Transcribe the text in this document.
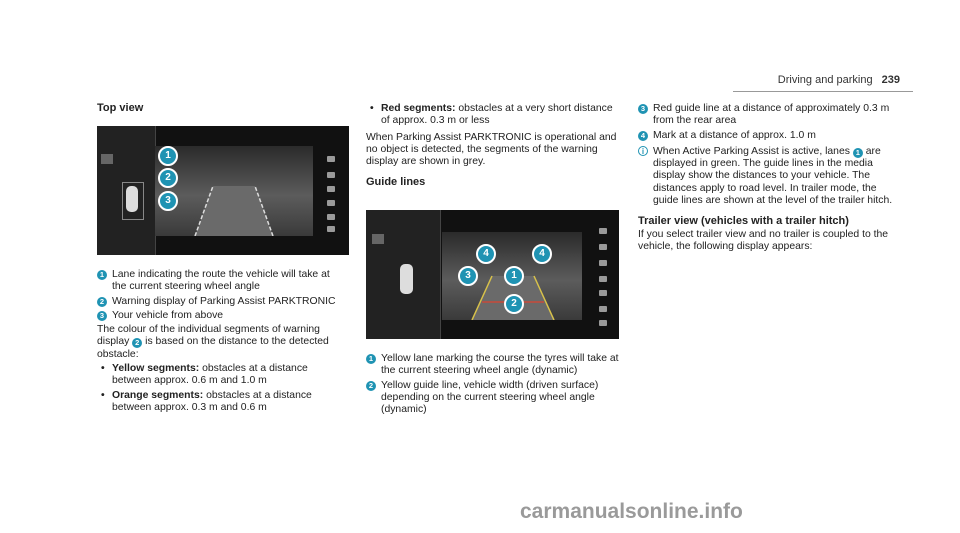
Driving and parking 239
Top view
1
2
3
1 Lane indicating the route the vehicle will take at the current steering wheel angle
2 Warning display of Parking Assist PARKTRONIC
3 Your vehicle from above
The colour of the individual segments of warning display 2 is based on the distance to the detected obstacle:
• Yellow segments: obstacles at a distance between approx. 0.6 m and 1.0 m
• Orange segments: obstacles at a distance between approx. 0.3 m and 0.6 m
• Red segments: obstacles at a very short distance of approx. 0.3 m or less
When Parking Assist PARKTRONIC is operational and no object is detected, the segments of the warning display are shown in grey.
Guide lines
4	4
3	1
2
1 Yellow lane marking the course the tyres will take at the current steering wheel angle (dynamic)
2 Yellow guide line, vehicle width (driven surface) depending on the current steering wheel angle (dynamic)
3 Red guide line at a distance of approximately 0.3 m from the rear area
4 Mark at a distance of approx. 1.0 m
i When Active Parking Assist is active, lanes 1 are displayed in green. The guide lines in the media display show the distances to your vehicle. The distances apply to road level. In trailer mode, the guide lines are shown at the level of the trailer hitch.
Trailer view (vehicles with a trailer hitch)
If you select trailer view and no trailer is coupled to the vehicle, the following display appears:
carmanualsonline.info
